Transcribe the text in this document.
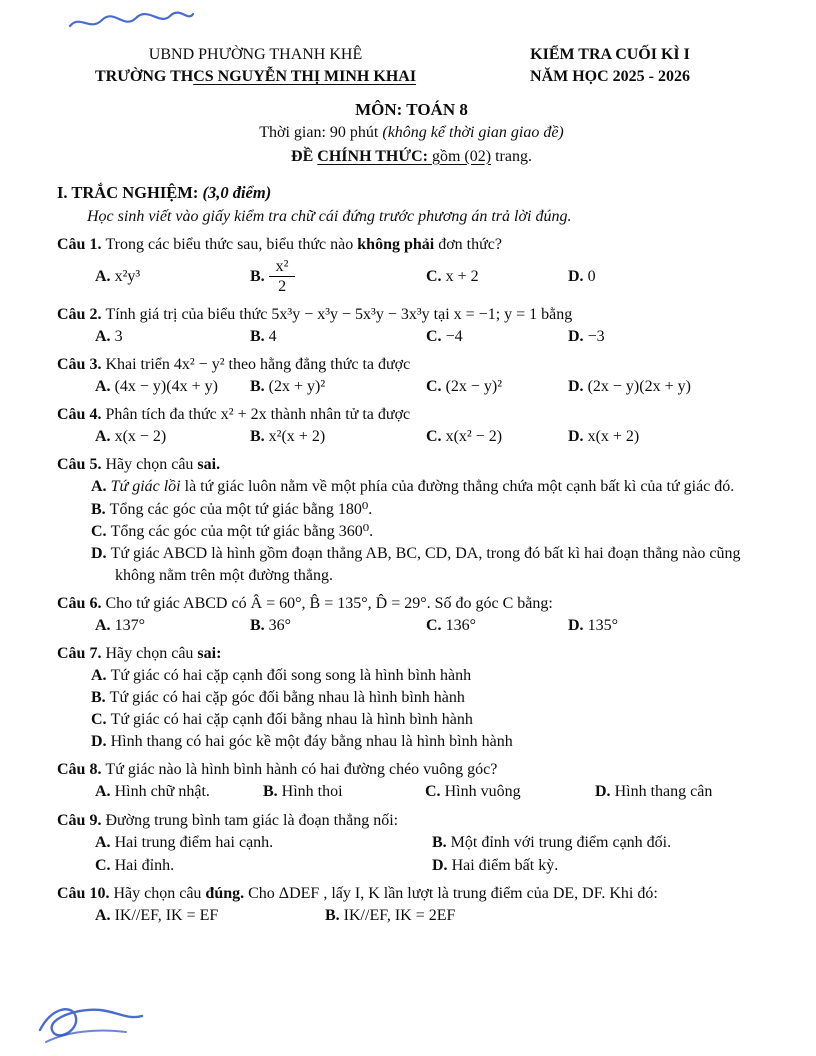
UBND PHƯỜNG THANH KHÊ
TRƯỜNG THCS NGUYỄN THỊ MINH KHAI
KIỂM TRA CUỐI KÌ I
NĂM HỌC 2025 - 2026
MÔN: TOÁN 8
Thời gian: 90 phút (không kể thời gian giao đề)
ĐỀ CHÍNH THỨC: gồm (02) trang.
I. TRẮC NGHIỆM: (3,0 điểm)
Học sinh viết vào giấy kiểm tra chữ cái đứng trước phương án trả lời đúng.
Câu 1. Trong các biểu thức sau, biểu thức nào không phải đơn thức?
A. x²y³	B. $\frac{\text{x²}}{2}$	C. x + 2	D. 0
Câu 2. Tính giá trị của biểu thức 5x³y − x³y − 5x³y − 3x³y tại x = −1; y = 1 bằng
A. 3	B. 4	C. −4	D. −3
Câu 3. Khai triển 4x² − y² theo hằng đẳng thức ta được
A. (4x − y)(4x + y)	B. (2x + y)²	C. (2x − y)²	D. (2x − y)(2x + y)
Câu 4. Phân tích đa thức x² + 2x thành nhân tử ta được
A. x(x − 2)	B. x²(x + 2)	C. x(x² − 2)	D. x(x + 2)
Câu 5. Hãy chọn câu sai.
A. Tứ giác lồi là tứ giác luôn nằm về một phía của đường thẳng chứa một cạnh bất kì của tứ giác đó.
B. Tổng các góc của một tứ giác bằng 180⁰.
C. Tổng các góc của một tứ giác bằng 360⁰.
D. Tứ giác ABCD là hình gồm đoạn thẳng AB, BC, CD, DA, trong đó bất kì hai đoạn thẳng nào cũng không nằm trên một đường thẳng.
Câu 6. Cho tứ giác ABCD có Â = 60°, B̂ = 135°, D̂ = 29°. Số đo góc C bằng:
A. 137°	B. 36°	C. 136°	D. 135°
Câu 7. Hãy chọn câu sai:
A. Tứ giác có hai cặp cạnh đối song song là hình bình hành
B. Tứ giác có hai cặp góc đối bằng nhau là hình bình hành
C. Tứ giác có hai cặp cạnh đối bằng nhau là hình bình hành
D. Hình thang có hai góc kề một đáy bằng nhau là hình bình hành
Câu 8. Tứ giác nào là hình bình hành có hai đường chéo vuông góc?
A. Hình chữ nhật.	B. Hình thoi	C. Hình vuông	D. Hình thang cân
Câu 9. Đường trung bình tam giác là đoạn thẳng nối:
A. Hai trung điểm hai cạnh.	B. Một đỉnh với trung điểm cạnh đối.
C. Hai đỉnh.	D. Hai điểm bất kỳ.
Câu 10. Hãy chọn câu đúng. Cho ΔDEF , lấy I, K lần lượt là trung điểm của DE, DF. Khi đó:
A. IK//EF, IK = EF	B. IK//EF, IK = 2EF
